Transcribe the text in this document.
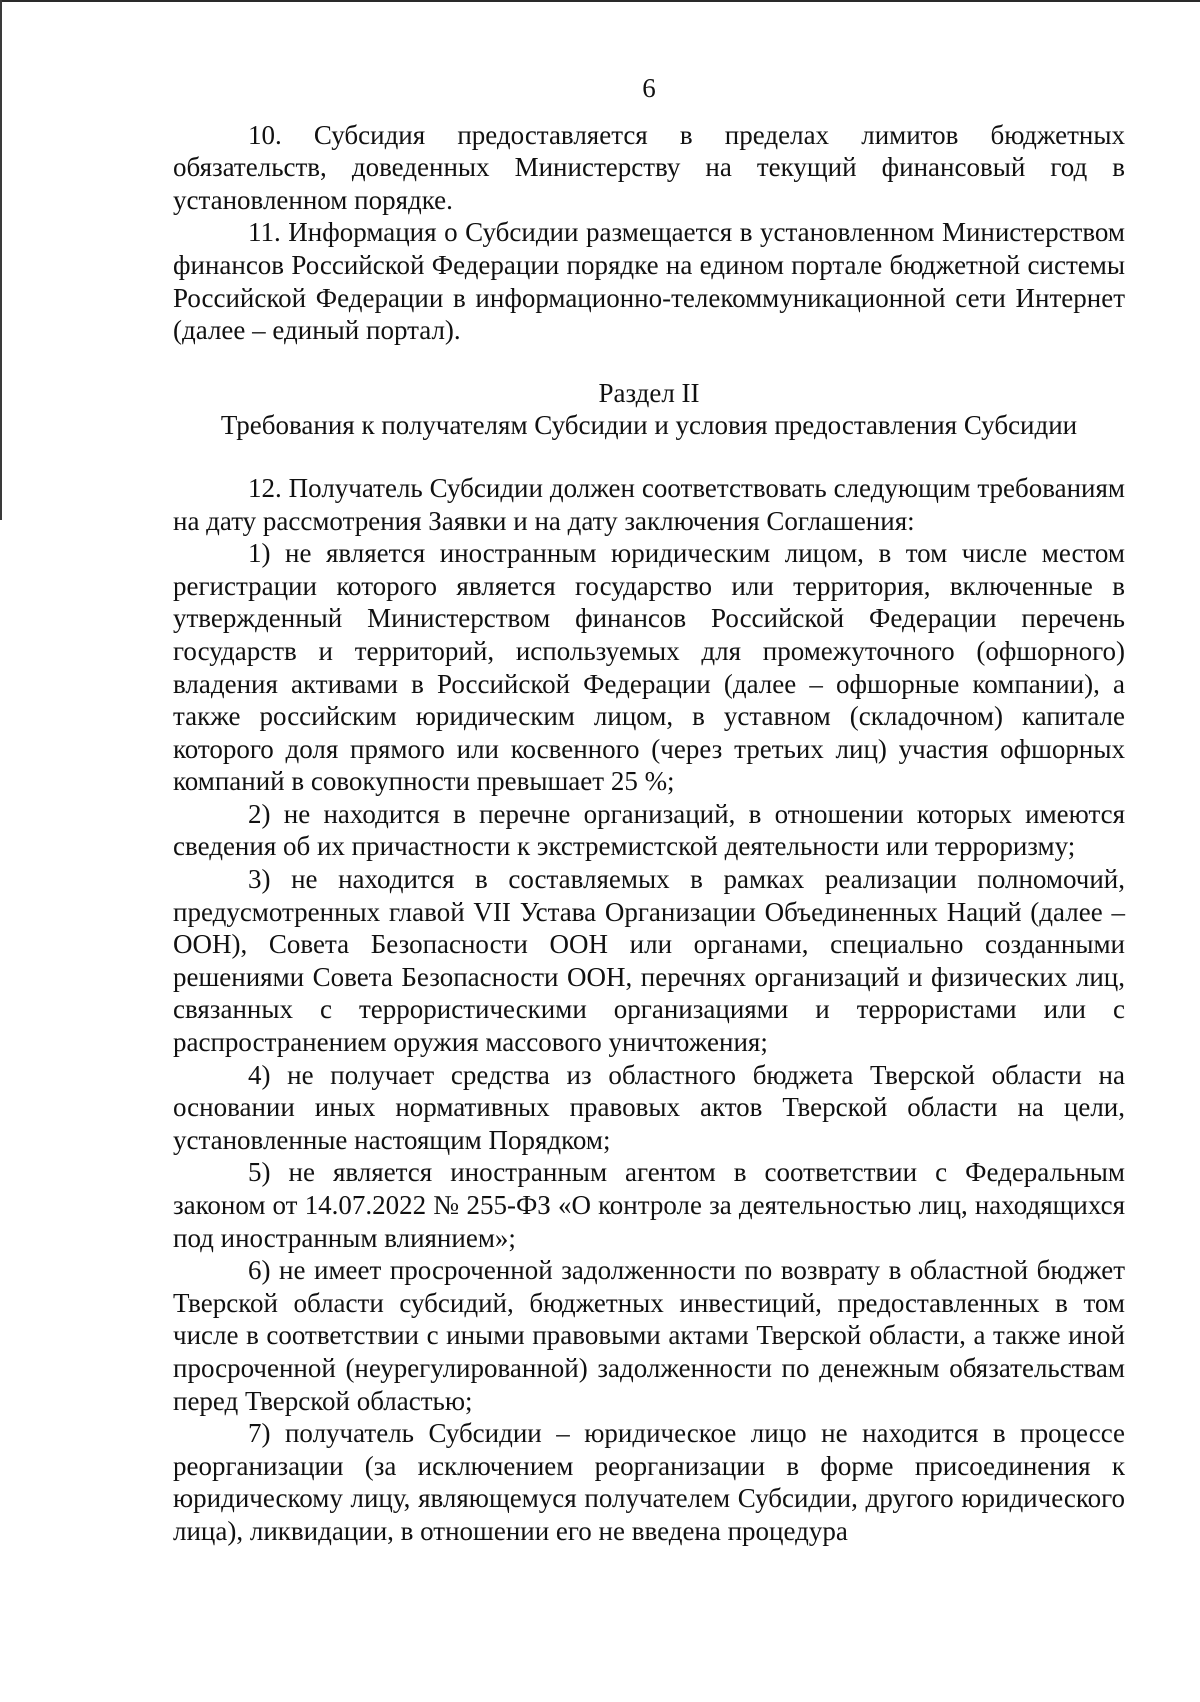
6

10. Субсидия предоставляется в пределах лимитов бюджетных обязательств, доведенных Министерству на текущий финансовый год в установленном порядке.

11. Информация о Субсидии размещается в установленном Министерством финансов Российской Федерации порядке на едином портале бюджетной системы Российской Федерации в информационно-телекоммуникационной сети Интернет (далее – единый портал).

Раздел II

Требования к получателям Субсидии и условия предоставления Субсидии

12. Получатель Субсидии должен соответствовать следующим требованиям на дату рассмотрения Заявки и на дату заключения Соглашения:

1) не является иностранным юридическим лицом, в том числе местом регистрации которого является государство или территория, включенные в утвержденный Министерством финансов Российской Федерации перечень государств и территорий, используемых для промежуточного (офшорного) владения активами в Российской Федерации (далее – офшорные компании), а также российским юридическим лицом, в уставном (складочном) капитале которого доля прямого или косвенного (через третьих лиц) участия офшорных компаний в совокупности превышает 25 %;

2) не находится в перечне организаций, в отношении которых имеются сведения об их причастности к экстремистской деятельности или терроризму;

3) не находится в составляемых в рамках реализации полномочий, предусмотренных главой VII Устава Организации Объединенных Наций (далее – ООН), Совета Безопасности ООН или органами, специально созданными решениями Совета Безопасности ООН, перечнях организаций и физических лиц, связанных с террористическими организациями и террористами или с распространением оружия массового уничтожения;

4) не получает средства из областного бюджета Тверской области на основании иных нормативных правовых актов Тверской области на цели, установленные настоящим Порядком;

5) не является иностранным агентом в соответствии с Федеральным законом от 14.07.2022 № 255-ФЗ «О контроле за деятельностью лиц, находящихся под иностранным влиянием»;

6) не имеет просроченной задолженности по возврату в областной бюджет Тверской области субсидий, бюджетных инвестиций, предоставленных в том числе в соответствии с иными правовыми актами Тверской области, а также иной просроченной (неурегулированной) задолженности по денежным обязательствам перед Тверской областью;

7) получатель Субсидии – юридическое лицо не находится в процессе реорганизации (за исключением реорганизации в форме присоединения к юридическому лицу, являющемуся получателем Субсидии, другого юридического лица), ликвидации, в отношении его не введена процедура
